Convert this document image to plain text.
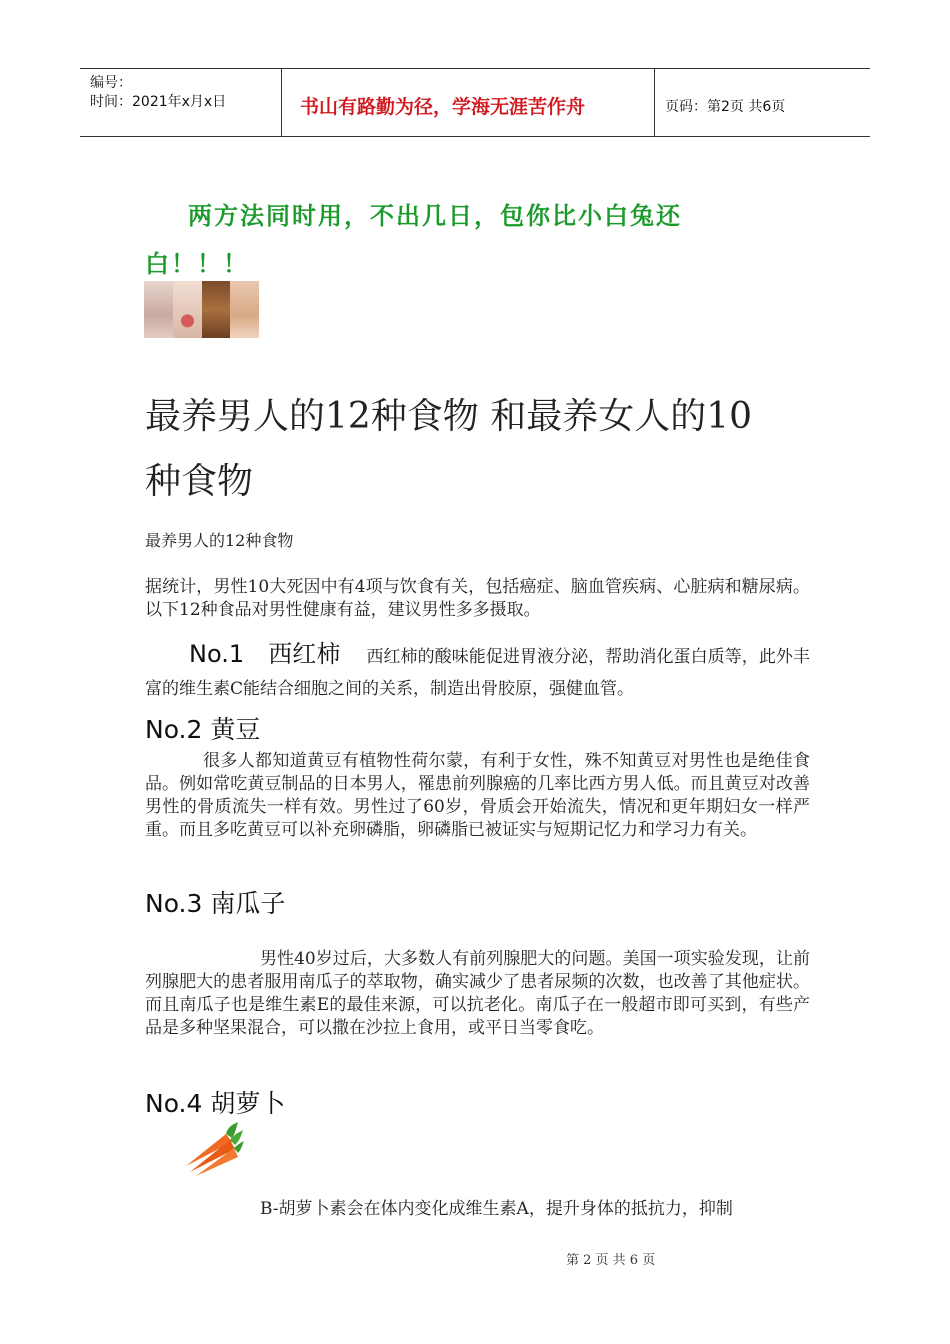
编号：
时间：2021年x月x日	书山有路勤为径，学海无涯苦作舟	页码：第2页 共6页
两方法同时用，不出几日，包你比小白兔还
白！！！
最养男人的12种食物 和最养女人的10
种食物
最养男人的12种食物
据统计，男性10大死因中有4项与饮食有关，包括癌症、脑血管疾病、心脏病和糖尿病。以下12种食品对男性健康有益，建议男性多多摄取。
No.1　西红柿 西红柿的酸味能促进胃液分泌，帮助消化蛋白质等，此外丰富的维生素C能结合细胞之间的关系，制造出骨胶原，强健血管。
No.2 黄豆
很多人都知道黄豆有植物性荷尔蒙，有利于女性，殊不知黄豆对男性也是绝佳食品。例如常吃黄豆制品的日本男人，罹患前列腺癌的几率比西方男人低。而且黄豆对改善男性的骨质流失一样有效。男性过了60岁，骨质会开始流失，情况和更年期妇女一样严重。而且多吃黄豆可以补充卵磷脂，卵磷脂已被证实与短期记忆力和学习力有关。
No.3 南瓜子
男性40岁过后，大多数人有前列腺肥大的问题。美国一项实验发现，让前列腺肥大的患者服用南瓜子的萃取物，确实减少了患者尿频的次数，也改善了其他症状。而且南瓜子也是维生素E的最佳来源，可以抗老化。南瓜子在一般超市即可买到，有些产品是多种坚果混合，可以撒在沙拉上食用，或平日当零食吃。
No.4 胡萝卜
B-胡萝卜素会在体内变化成维生素A，提升身体的抵抗力，抑制
第 2 页 共 6 页
